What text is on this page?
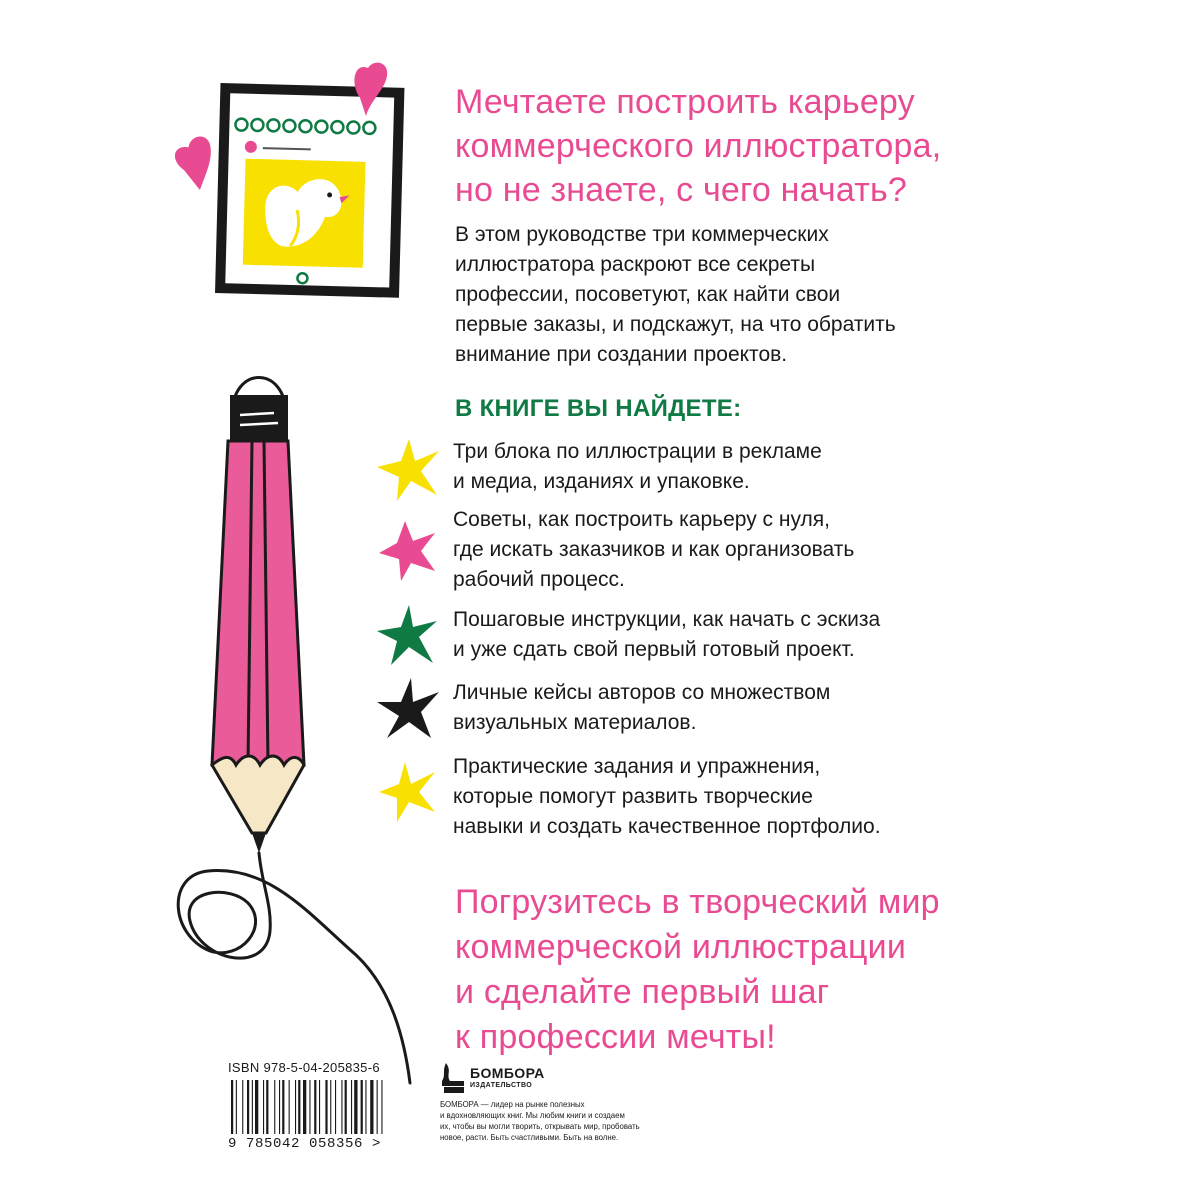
Мечтаете построить карьеру
коммерческого иллюстратора,
но не знаете, с чего начать?
В этом руководстве три коммерческих
иллюстратора раскроют все секреты
профессии, посоветуют, как найти свои
первые заказы, и подскажут, на что обратить
внимание при создании проектов.
В КНИГЕ ВЫ НАЙДЕТЕ:
Три блока по иллюстрации в рекламе
и медиа, изданиях и упаковке.
Советы, как построить карьеру с нуля,
где искать заказчиков и как организовать
рабочий процесс.
Пошаговые инструкции, как начать с эскиза
и уже сдать свой первый готовый проект.
Личные кейсы авторов со множеством
визуальных материалов.
Практические задания и упражнения,
которые помогут развить творческие
навыки и создать качественное портфолио.
Погрузитесь в творческий мир
коммерческой иллюстрации
и сделайте первый шаг
к профессии мечты!
ISBN 978-5-04-205835-6
9 785042 058356 >
БОМБОРА
ИЗДАТЕЛЬСТВО
БОМБОРА — лидер на рынке полезных
и вдохновляющих книг. Мы любим книги и создаем
их, чтобы вы могли творить, открывать мир, пробовать
новое, расти. Быть счастливыми. Быть на волне.
